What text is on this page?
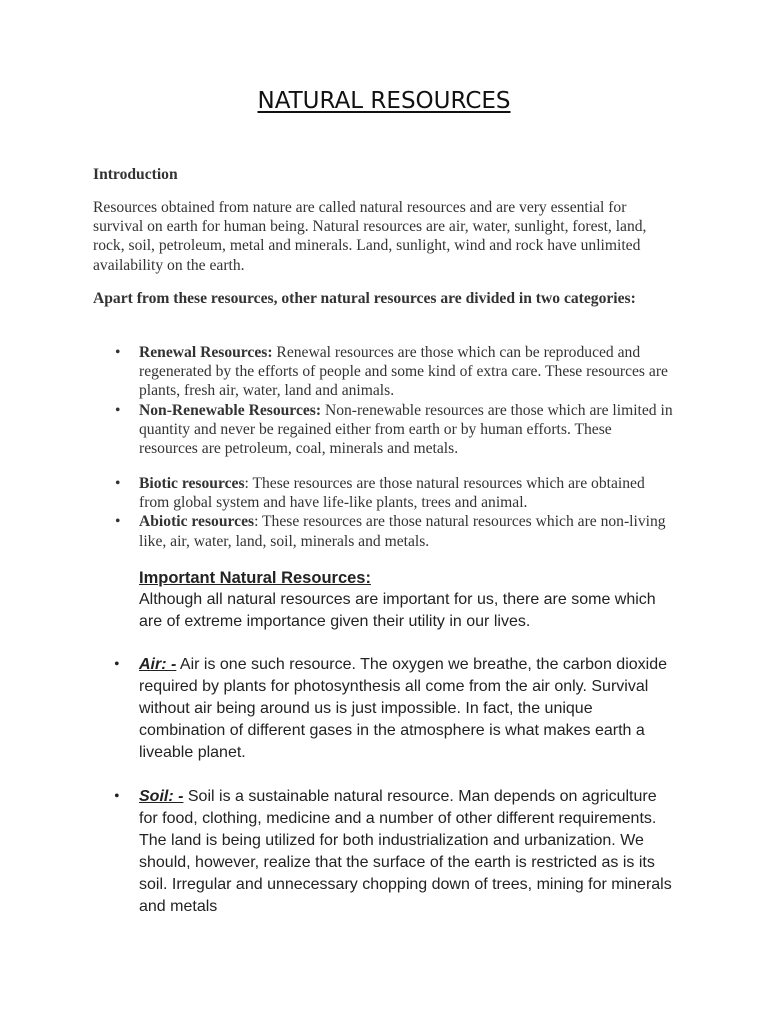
NATURAL RESOURCES
Introduction

Resources obtained from nature are called natural resources and are very essential for survival on earth for human being. Natural resources are air, water, sunlight, forest, land, rock, soil, petroleum, metal and minerals. Land, sunlight, wind and rock have unlimited availability on the earth.

Apart from these resources, other natural resources are divided in two categories:

• Renewal Resources: Renewal resources are those which can be reproduced and regenerated by the efforts of people and some kind of extra care. These resources are plants, fresh air, water, land and animals.
• Non-Renewable Resources: Non-renewable resources are those which are limited in quantity and never be regained either from earth or by human efforts. These resources are petroleum, coal, minerals and metals.
• Biotic resources: These resources are those natural resources which are obtained from global system and have life-like plants, trees and animal.
• Abiotic resources: These resources are those natural resources which are non-living like, air, water, land, soil, minerals and metals.
Important Natural Resources:

Although all natural resources are important for us, there are some which are of extreme importance given their utility in our lives.

• Air: - Air is one such resource. The oxygen we breathe, the carbon dioxide required by plants for photosynthesis all come from the air only. Survival without air being around us is just impossible. In fact, the unique combination of different gases in the atmosphere is what makes earth a liveable planet.
• Soil: - Soil is a sustainable natural resource. Man depends on agriculture for food, clothing, medicine and a number of other different requirements. The land is being utilized for both industrialization and urbanization. We should, however, realize that the surface of the earth is restricted as is its soil. Irregular and unnecessary chopping down of trees, mining for minerals and metals
